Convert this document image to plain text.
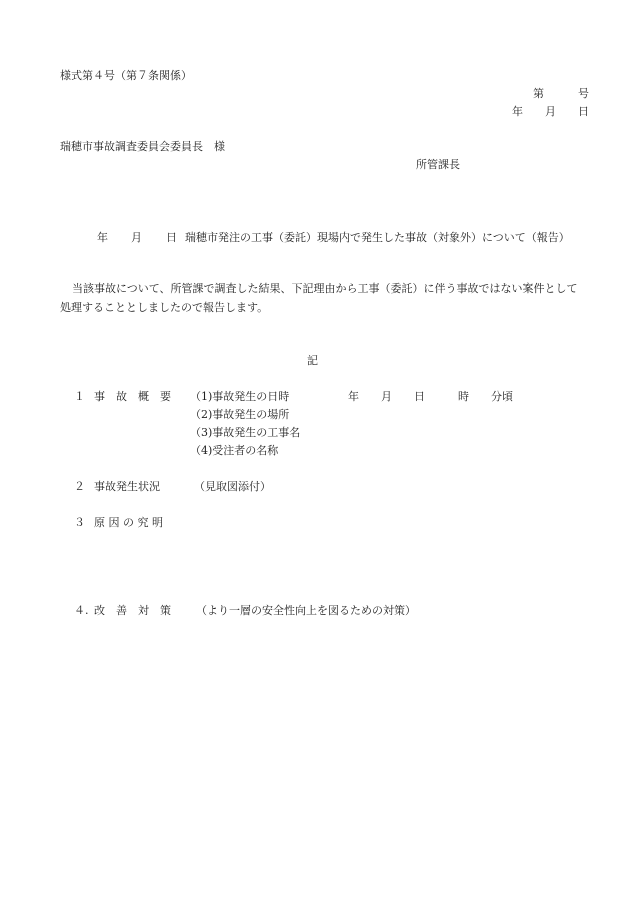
様式第４号（第７条関係）
第	号
年 月 日
瑞穂市事故調査委員会委員長　様
所管課長
年 月 日 瑞穂市発注の工事（委託）現場内で発生した事故（対象外）について（報告）
当該事故について、所管課で調査した結果、下記理由から工事（委託）に伴う事故ではない案件として
処理することとしましたので報告します。
記
１ 事　故　概　要 （1)事故発生の日時	年 月 日	時 分頃
（2)事故発生の場所
（3)事故発生の工事名
（4)受注者の名称
２ 事故発生状況	（見取図添付）
３ 原 因 の 究 明
４. 改　善　対　策 （より一層の安全性向上を図るための対策）
